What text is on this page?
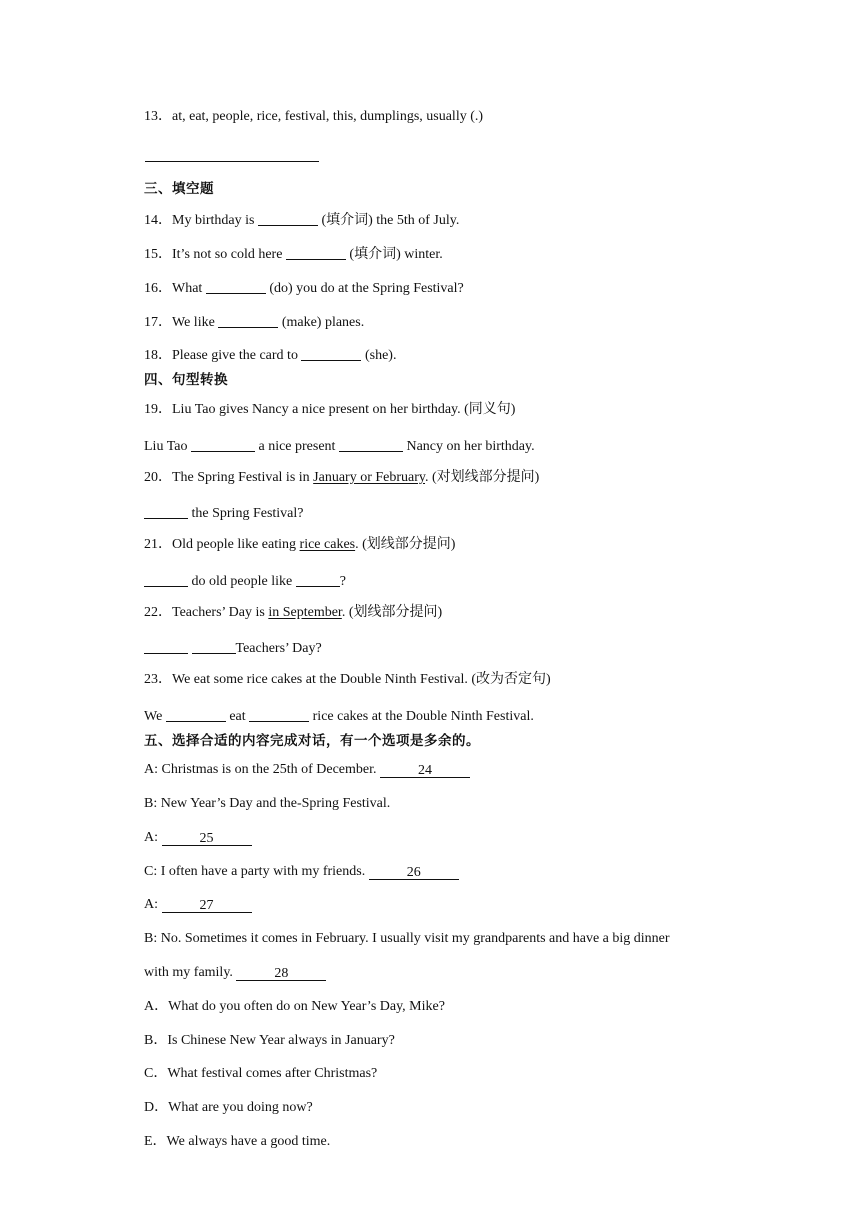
13．at, eat, people, rice, festival, this, dumplings, usually (.)
三、填空题
14．My birthday is	(填介词) the 5th of July.
15．It’s not so cold here	(填介词) winter.
16．What	(do) you do at the Spring Festival?
17．We like	(make) planes.
18．Please give the card to	(she).
四、句型转换
19．Liu Tao gives Nancy a nice present on her birthday. (同义句)
Liu Tao	a nice present	Nancy on her birthday.
20．The Spring Festival is in January or February. (对划线部分提问)
the Spring Festival?
21．Old people like eating rice cakes. (划线部分提问)
do old people like	?
22．Teachers’ Day is in September. (划线部分提问)
Teachers’ Day?
23．We eat some rice cakes at the Double Ninth Festival. (改为否定句)
We	eat	rice cakes at the Double Ninth Festival.
五、选择合适的内容完成对话，有一个选项是多余的。
A: Christmas is on the 25th of December.	24
B: New Year’s Day and the-Spring Festival.
A:	25
C: I often have a party with my friends.	26
A:	27
B: No. Sometimes it comes in February. I usually visit my grandparents and have a big dinner
with my family.	28
A．What do you often do on New Year’s Day, Mike?
B．Is Chinese New Year always in January?
C．What festival comes after Christmas?
D．What are you doing now?
E．We always have a good time.
